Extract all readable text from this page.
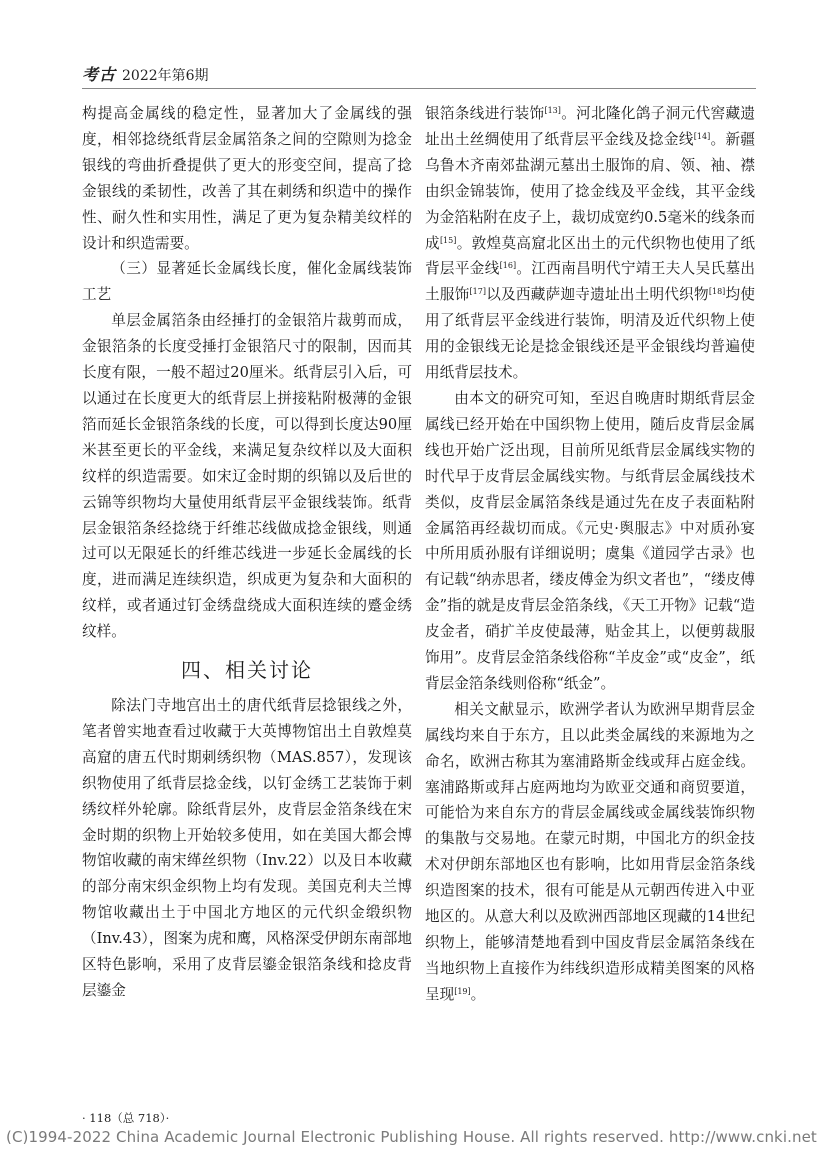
考古 2022年第6期

构提高金属线的稳定性，显著加大了金属线的强度，相邻捻绕纸背层金属箔条之间的空隙则为捻金银线的弯曲折叠提供了更大的形变空间，提高了捻金银线的柔韧性，改善了其在刺绣和织造中的操作性、耐久性和实用性，满足了更为复杂精美纹样的设计和织造需要。

（三）显著延长金属线长度，催化金属线装饰工艺

单层金属箔条由经捶打的金银箔片裁剪而成，金银箔条的长度受捶打金银箔尺寸的限制，因而其长度有限，一般不超过20厘米。纸背层引入后，可以通过在长度更大的纸背层上拼接粘附极薄的金银箔而延长金银箔条线的长度，可以得到长度达90厘米甚至更长的平金线，来满足复杂纹样以及大面积纹样的织造需要。如宋辽金时期的织锦以及后世的云锦等织物均大量使用纸背层平金银线装饰。纸背层金银箔条经捻绕于纤维芯线做成捻金银线，则通过可以无限延长的纤维芯线进一步延长金属线的长度，进而满足连续织造，织成更为复杂和大面积的纹样，或者通过钉金绣盘绕成大面积连续的蹙金绣纹样。

四、相关讨论

除法门寺地宫出土的唐代纸背层捻银线之外，笔者曾实地查看过收藏于大英博物馆出土自敦煌莫高窟的唐五代时期刺绣织物（MAS.857），发现该织物使用了纸背层捻金线，以钉金绣工艺装饰于刺绣纹样外轮廓。除纸背层外，皮背层金箔条线在宋金时期的织物上开始较多使用，如在美国大都会博物馆收藏的南宋缂丝织物（Inv.22）以及日本收藏的部分南宋织金织物上均有发现。美国克利夫兰博物馆收藏出土于中国北方地区的元代织金缎织物（Inv.43），图案为虎和鹰，风格深受伊朗东南部地区特色影响，采用了皮背层鎏金银箔条线和捻皮背层鎏金

银箔条线进行装饰[13]。河北隆化鸽子洞元代窖藏遗址出土丝绸使用了纸背层平金线及捻金线[14]。新疆乌鲁木齐南郊盐湖元墓出土服饰的肩、领、袖、襟由织金锦装饰，使用了捻金线及平金线，其平金线为金箔粘附在皮子上，裁切成宽约0.5毫米的线条而成[15]。敦煌莫高窟北区出土的元代织物也使用了纸背层平金线[16]。江西南昌明代宁靖王夫人吴氏墓出土服饰[17]以及西藏萨迦寺遗址出土明代织物[18]均使用了纸背层平金线进行装饰，明清及近代织物上使用的金银线无论是捻金银线还是平金银线均普遍使用纸背层技术。

由本文的研究可知，至迟自晚唐时期纸背层金属线已经开始在中国织物上使用，随后皮背层金属线也开始广泛出现，目前所见纸背层金属线实物的时代早于皮背层金属线实物。与纸背层金属线技术类似，皮背层金属箔条线是通过先在皮子表面粘附金属箔再经裁切而成。《元史·舆服志》中对质孙宴中所用质孙服有详细说明；虞集《道园学古录》也有记载“纳赤思者，缕皮傅金为织文者也”，“缕皮傅金”指的就是皮背层金箔条线，《天工开物》记载“造皮金者，硝扩羊皮使最薄，贴金其上，以便剪裁服饰用”。皮背层金箔条线俗称“羊皮金”或“皮金”，纸背层金箔条线则俗称“纸金”。

相关文献显示，欧洲学者认为欧洲早期背层金属线均来自于东方，且以此类金属线的来源地为之命名，欧洲古称其为塞浦路斯金线或拜占庭金线。塞浦路斯或拜占庭两地均为欧亚交通和商贸要道，可能恰为来自东方的背层金属线或金属线装饰织物的集散与交易地。在蒙元时期，中国北方的织金技术对伊朗东部地区也有影响，比如用背层金箔条线织造图案的技术，很有可能是从元朝西传进入中亚地区的。从意大利以及欧洲西部地区现藏的14世纪织物上，能够清楚地看到中国皮背层金属箔条线在当地织物上直接作为纬线织造形成精美图案的风格呈现[19]。

· 118（总 718）·
(C)1994-2022 China Academic Journal Electronic Publishing House. All rights reserved. http://www.cnki.net
